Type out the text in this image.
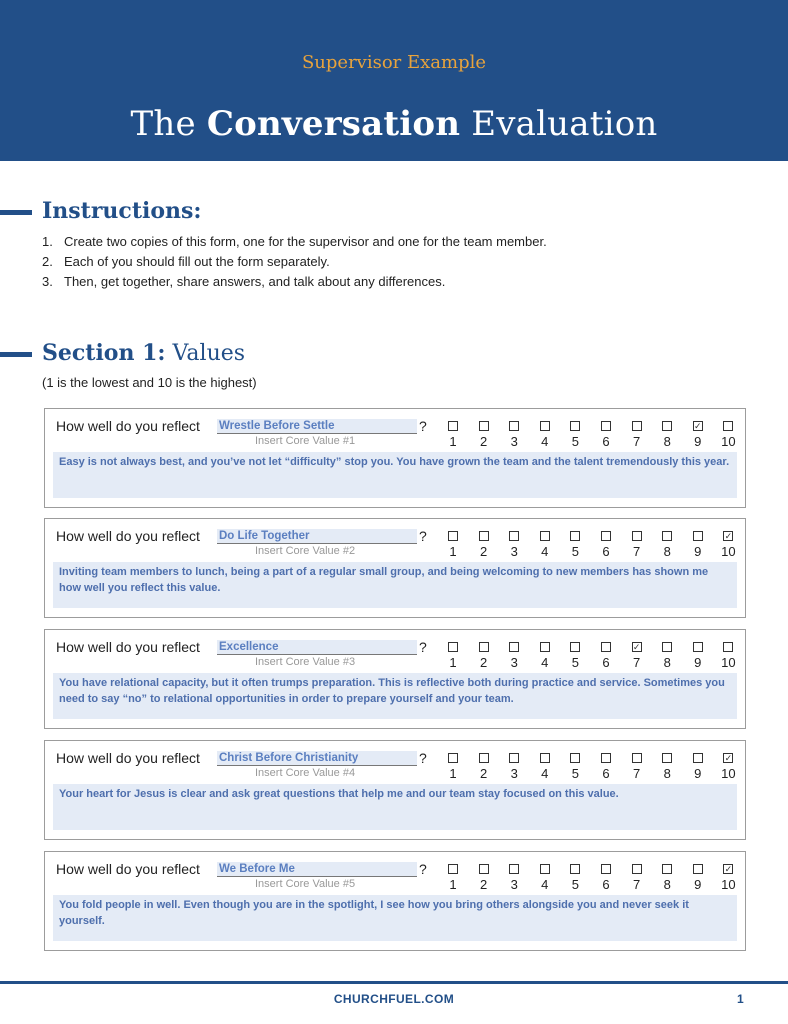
Supervisor Example
The Conversation Evaluation
Instructions:
1. Create two copies of this form, one for the supervisor and one for the team member.
2. Each of you should fill out the form separately.
3. Then, get together, share answers, and talk about any differences.
Section 1: Values
(1 is the lowest and 10 is the highest)
How well do you reflect Wrestle Before Settle	?
Insert Core Value #1	1	2	3	4	5	6	7	8
✓
9	10
Easy is not always best, and you’ve not let “difficulty” stop you. You have grown the team and the talent tremendously this year.
How well do you reflect Do Life Together	?
Insert Core Value #2	1	2	3	4	5	6	7	8	9
✓
10
Inviting team members to lunch, being a part of a regular small group, and being welcoming to new members has shown me how well you reflect this value.
How well do you reflect Excellence	?
Insert Core Value #3	1	2	3	4	5	6
✓
7	8	9	10
You have relational capacity, but it often trumps preparation. This is reflective both during practice and service. Sometimes you need to say “no” to relational opportunities in order to prepare yourself and your team.
How well do you reflect Christ Before Christianity	?
Insert Core Value #4	1	2	3	4	5	6	7	8	9
✓
10
Your heart for Jesus is clear and ask great questions that help me and our team stay focused on this value.
How well do you reflect We Before Me	?
Insert Core Value #5	1	2	3	4	5	6	7	8	9
✓
10
You fold people in well. Even though you are in the spotlight, I see how you bring others alongside you and never seek it yourself.
CHURCHFUEL.COM	1
